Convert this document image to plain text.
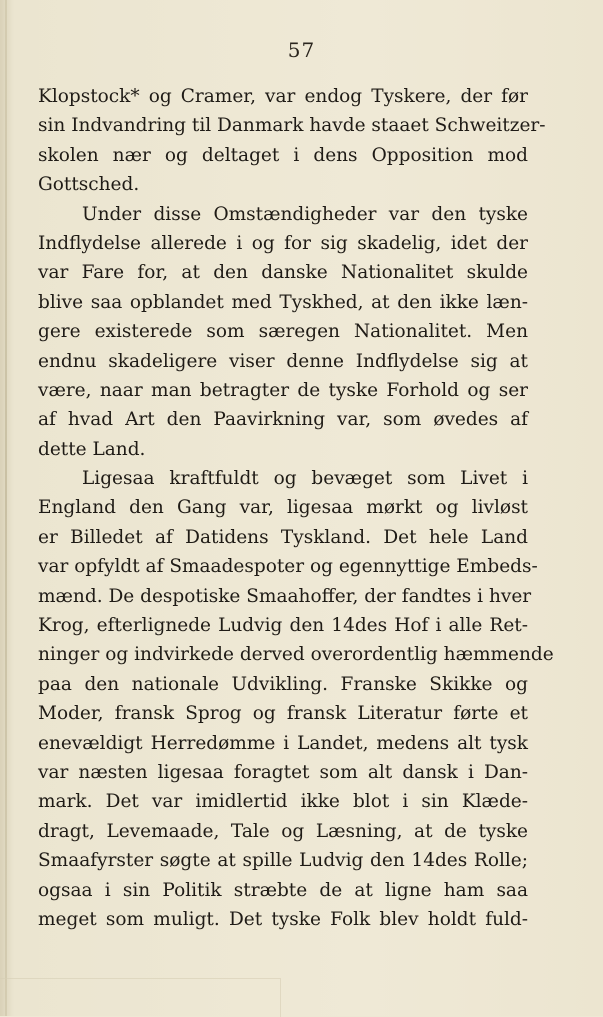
57
Klopstock* og Cramer, var endog Tyskere, der før
sin Indvandring til Danmark havde staaet Schweitzer-
skolen nær og deltaget i dens Opposition mod
Gottsched.
Under disse Omstændigheder var den tyske
Indflydelse allerede i og for sig skadelig, idet der
var Fare for, at den danske Nationalitet skulde
blive saa opblandet med Tyskhed, at den ikke læn-
gere existerede som særegen Nationalitet. Men
endnu skadeligere viser denne Indflydelse sig at
være, naar man betragter de tyske Forhold og ser
af hvad Art den Paavirkning var, som øvedes af
dette Land.
Ligesaa kraftfuldt og bevæget som Livet i
England den Gang var, ligesaa mørkt og livløst
er Billedet af Datidens Tyskland. Det hele Land
var opfyldt af Smaadespoter og egennyttige Embeds-
mænd. De despotiske Smaahoffer, der fandtes i hver
Krog, efterlignede Ludvig den 14des Hof i alle Ret-
ninger og indvirkede derved overordentlig hæmmende
paa den nationale Udvikling. Franske Skikke og
Moder, fransk Sprog og fransk Literatur førte et
enevældigt Herredømme i Landet, medens alt tysk
var næsten ligesaa foragtet som alt dansk i Dan-
mark. Det var imidlertid ikke blot i sin Klæde-
dragt, Levemaade, Tale og Læsning, at de tyske
Smaafyrster søgte at spille Ludvig den 14des Rolle;
ogsaa i sin Politik stræbte de at ligne ham saa
meget som muligt. Det tyske Folk blev holdt fuld-
